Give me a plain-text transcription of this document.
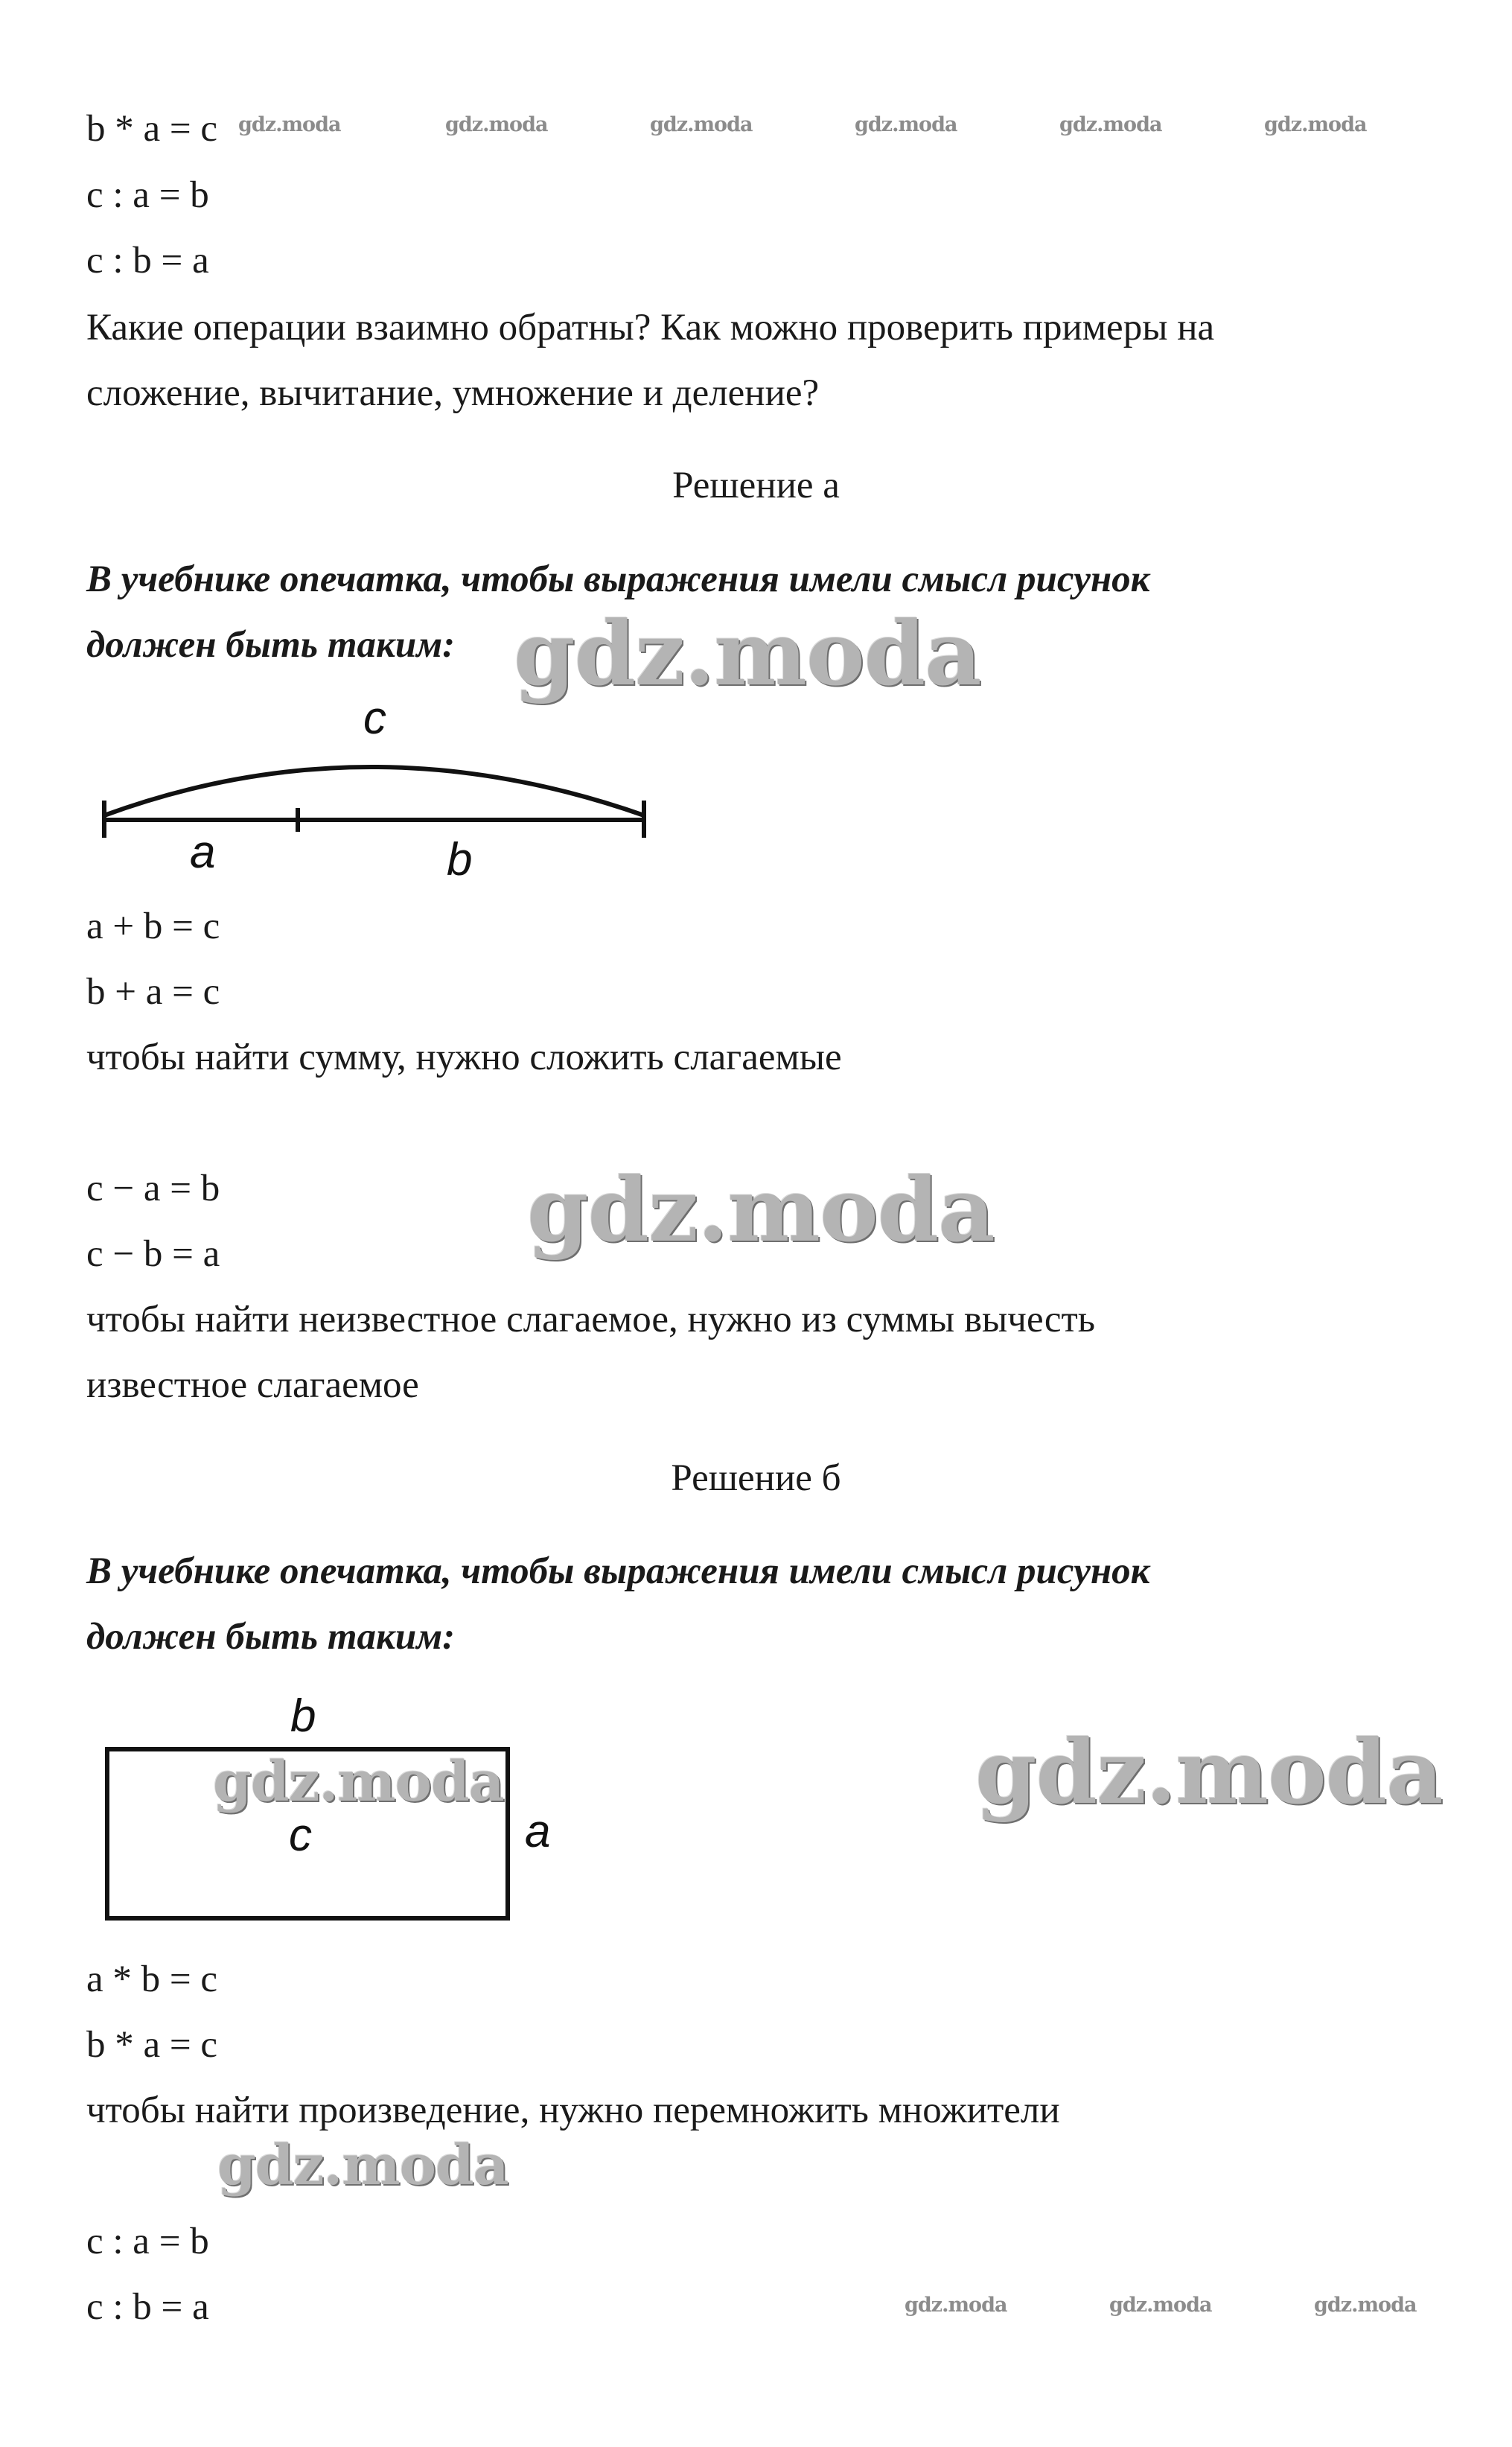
b * a = c
c : a = b
c : b = a
Какие операции взаимно обратны? Как можно проверить примеры на
сложение, вычитание, умножение и деление?
gdz.moda	gdz.moda	gdz.moda	gdz.moda	gdz.moda	gdz.moda
Решение а
В учебнике опечатка, чтобы выражения имели смысл рисунок
должен быть таким: gdz.moda
c
a	b
a + b = c
b + a = c
чтобы найти сумму, нужно сложить слагаемые
c − a = b
c − b = a	gdz.moda
чтобы найти неизвестное слагаемое, нужно из суммы вычесть
известное слагаемое
Решение б
В учебнике опечатка, чтобы выражения имели смысл рисунок
должен быть таким:
b
c	a
gdz.moda	gdz.moda
a * b = c
b * a = c
чтобы найти произведение, нужно перемножить множители
gdz.moda
c : a = b
c : b = a	gdz.moda	gdz.moda	gdz.moda
